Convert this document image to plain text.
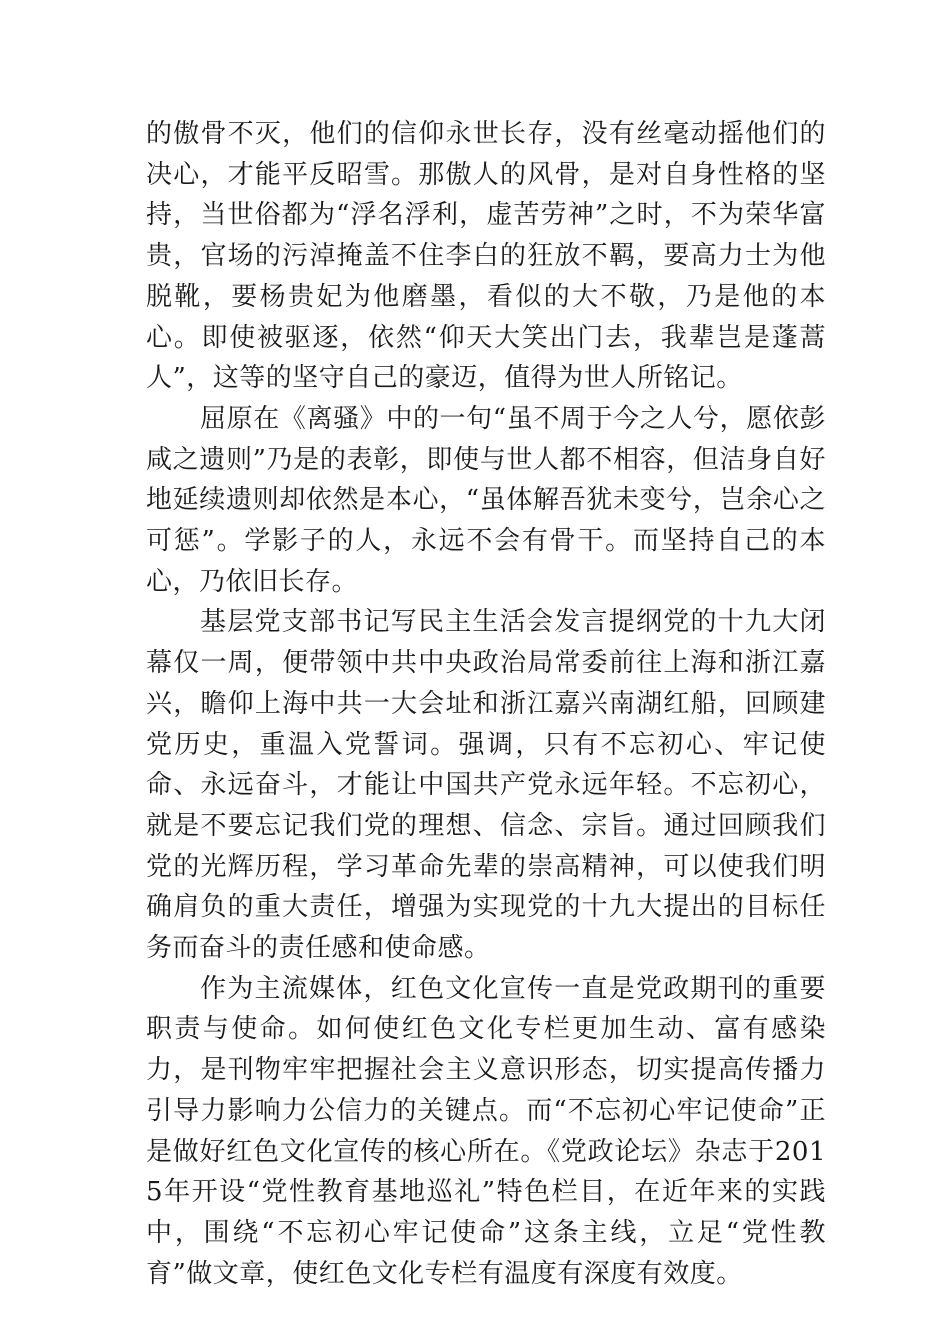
的傲骨不灭，他们的信仰永世长存，没有丝毫动摇他们的决心，才能平反昭雪。那傲人的风骨，是对自身性格的坚持，当世俗都为“浮名浮利，虚苦劳神”之时，不为荣华富贵，官场的污淖掩盖不住李白的狂放不羁，要高力士为他脱靴，要杨贵妃为他磨墨，看似的大不敬，乃是他的本心。即使被驱逐，依然“仰天大笑出门去，我辈岂是蓬蒿人”，这等的坚守自己的豪迈，值得为世人所铭记。

屈原在《离骚》中的一句“虽不周于今之人兮，愿依彭咸之遗则”乃是的表彰，即使与世人都不相容，但洁身自好地延续遗则却依然是本心，“虽体解吾犹未变兮，岂余心之可惩”。学影子的人，永远不会有骨干。而坚持自己的本心，乃依旧长存。

基层党支部书记写民主生活会发言提纲党的十九大闭幕仅一周，便带领中共中央政治局常委前往上海和浙江嘉兴，瞻仰上海中共一大会址和浙江嘉兴南湖红船，回顾建党历史，重温入党誓词。强调，只有不忘初心、牢记使命、永远奋斗，才能让中国共产党永远年轻。不忘初心，就是不要忘记我们党的理想、信念、宗旨。通过回顾我们党的光辉历程，学习革命先辈的崇高精神，可以使我们明确肩负的重大责任，增强为实现党的十九大提出的目标任务而奋斗的责任感和使命感。

作为主流媒体，红色文化宣传一直是党政期刊的重要职责与使命。如何使红色文化专栏更加生动、富有感染力，是刊物牢牢把握社会主义意识形态，切实提高传播力引导力影响力公信力的关键点。而“不忘初心牢记使命”正是做好红色文化宣传的核心所在。《党政论坛》杂志于2015年开设“党性教育基地巡礼”特色栏目，在近年来的实践中，围绕“不忘初心牢记使命”这条主线，立足“党性教育”做文章，使红色文化专栏有温度有深度有效度。
